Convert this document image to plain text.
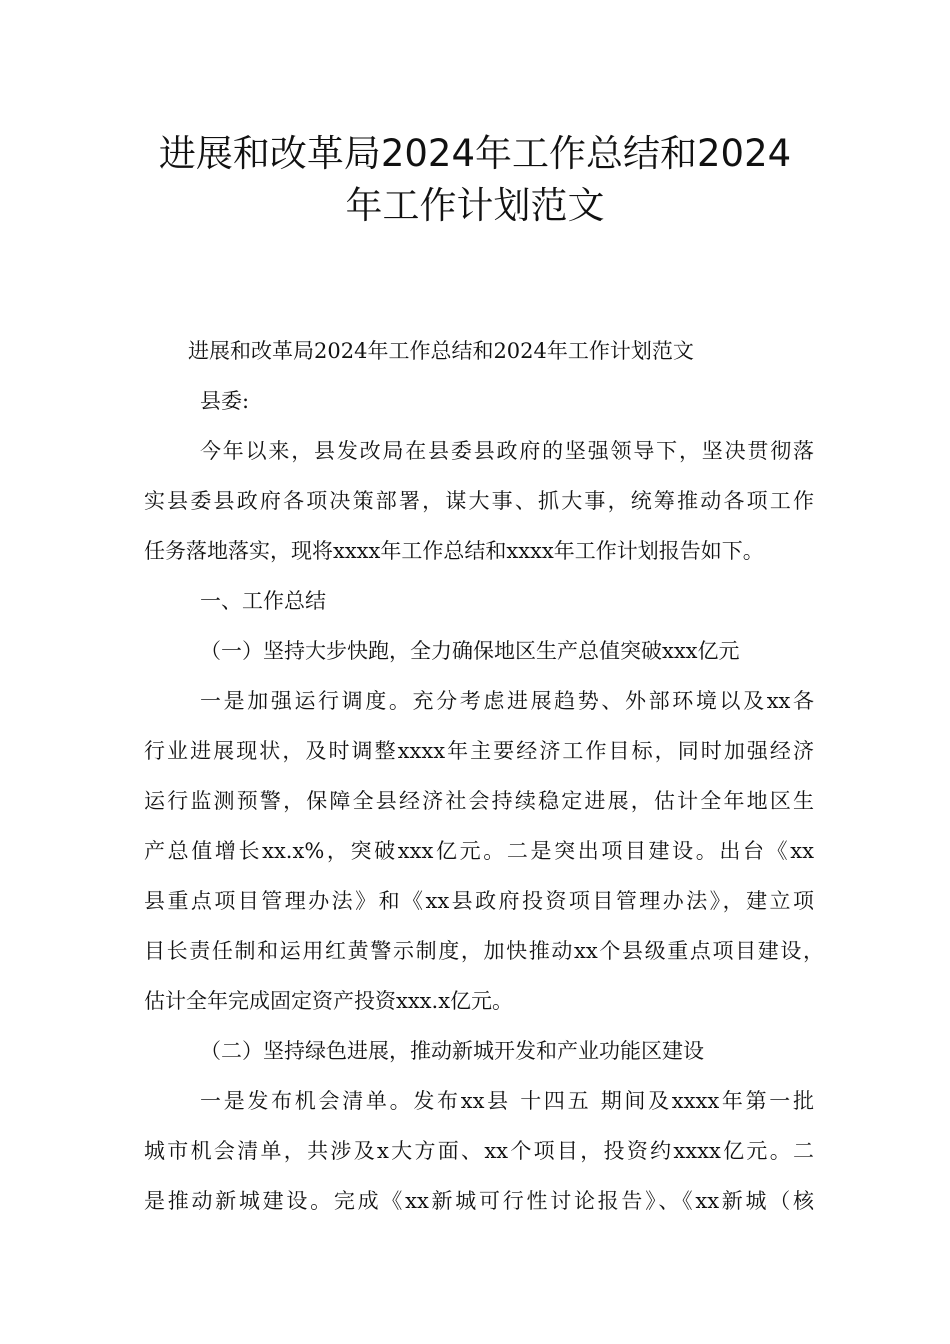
进展和改革局2024年工作总结和2024
年工作计划范文

进展和改革局2024年工作总结和2024年工作计划范文

县委:

今年以来，县发改局在县委县政府的坚强领导下，坚决贯彻落

实县委县政府各项决策部署，谋大事、抓大事，统筹推动各项工作

任务落地落实，现将xxxx年工作总结和xxxx年工作计划报告如下。

一、工作总结

（一）坚持大步快跑，全力确保地区生产总值突破xxx亿元

一是加强运行调度。充分考虑进展趋势、外部环境以及xx各

行业进展现状，及时调整xxxx年主要经济工作目标，同时加强经济

运行监测预警，保障全县经济社会持续稳定进展，估计全年地区生

产总值增长xx.x%，突破xxx亿元。二是突出项目建设。出台《xx

县重点项目管理办法》和《xx县政府投资项目管理办法》，建立项

目长责任制和运用红黄警示制度，加快推动xx个县级重点项目建设，

估计全年完成固定资产投资xxx.x亿元。

（二）坚持绿色进展，推动新城开发和产业功能区建设

一是发布机会清单。发布xx县 十四五 期间及xxxx年第一批

城市机会清单，共涉及x大方面、xx个项目，投资约xxxx亿元。二

是推动新城建设。完成《xx新城可行性讨论报告》、《xx新城（核
